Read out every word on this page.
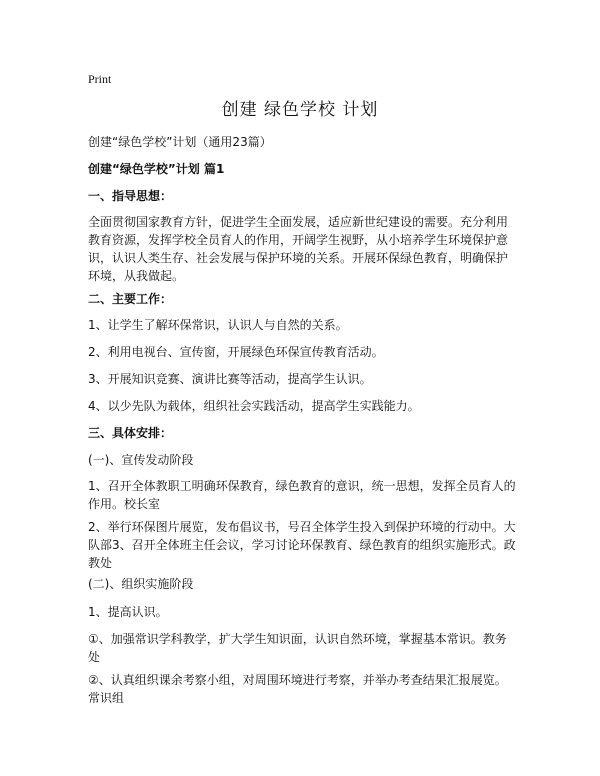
Print
创建 绿色学校 计划
创建“绿色学校”计划（通用23篇）
创建“绿色学校”计划 篇1
一、指导思想：
全面贯彻国家教育方针，促进学生全面发展，适应新世纪建设的需要。充分利用教育资源，发挥学校全员育人的作用，开阔学生视野，从小培养学生环境保护意识，认识人类生存、社会发展与保护环境的关系。开展环保绿色教育，明确保护环境，从我做起。
二、主要工作：
1、让学生了解环保常识，认识人与自然的关系。
2、利用电视台、宣传窗，开展绿色环保宣传教育活动。
3、开展知识竞赛、演讲比赛等活动，提高学生认识。
4、以少先队为载体，组织社会实践活动，提高学生实践能力。
三、具体安排：
(一)、宣传发动阶段
1、召开全体教职工明确环保教育，绿色教育的意识，统一思想，发挥全员育人的作用。校长室
2、举行环保图片展览，发布倡议书，号召全体学生投入到保护环境的行动中。大队部3、召开全体班主任会议，学习讨论环保教育、绿色教育的组织实施形式。政教处
(二)、组织实施阶段
1、提高认识。
①、加强常识学科教学，扩大学生知识面，认识自然环境，掌握基本常识。教务处
②、认真组织课余考察小组，对周围环境进行考察，并举办考查结果汇报展览。常识组
